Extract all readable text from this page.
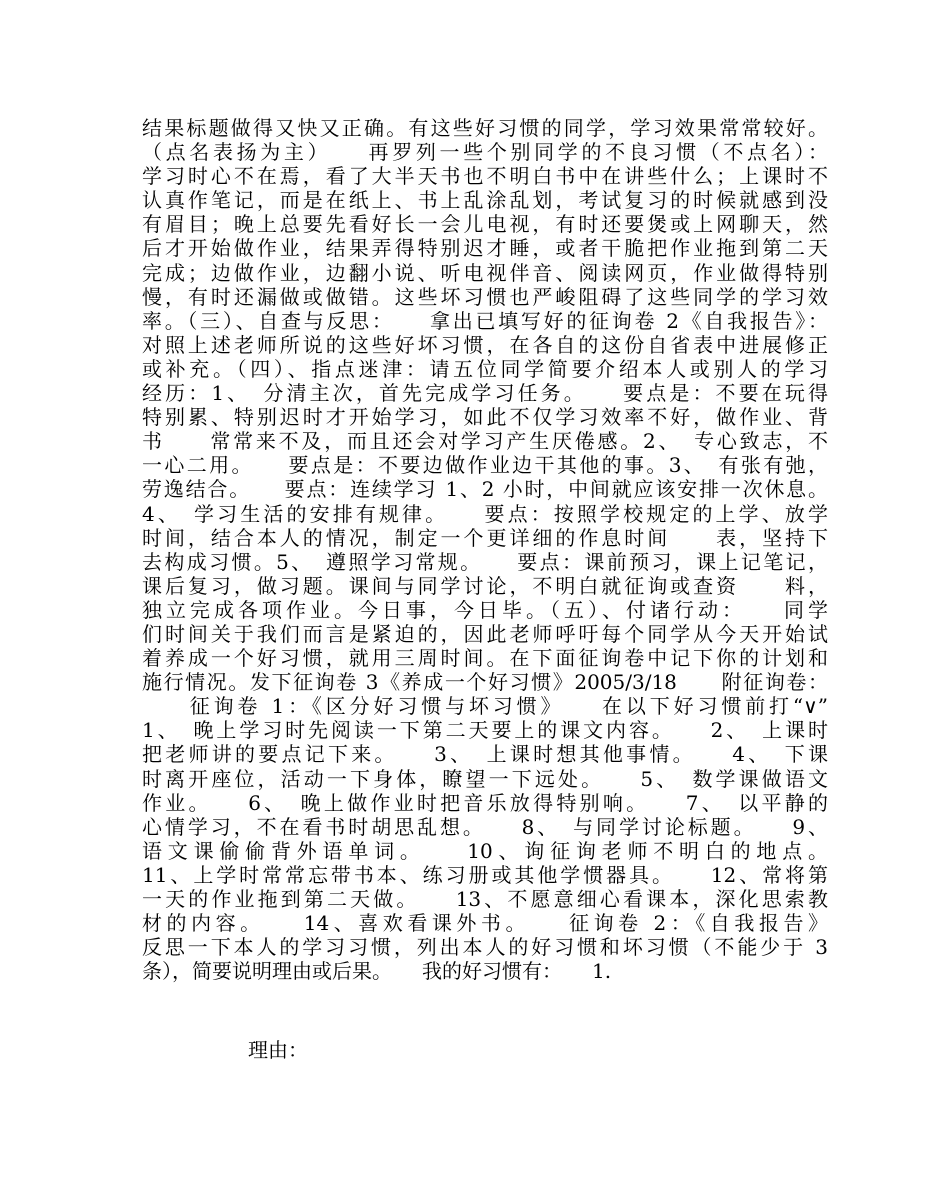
结果标题做得又快又正确。有这些好习惯的同学，学习效果常常较好。
（点名表扬为主）　　再罗列一些个别同学的不良习惯（不点名）：
学习时心不在焉，看了大半天书也不明白书中在讲些什么；上课时不
认真作笔记，而是在纸上、书上乱涂乱划，考试复习的时候就感到没
有眉目；晚上总要先看好长一会儿电视，有时还要煲或上网聊天，然
后才开始做作业，结果弄得特别迟才睡，或者干脆把作业拖到第二天
完成；边做作业，边翻小说、听电视伴音、阅读网页，作业做得特别
慢，有时还漏做或做错。这些坏习惯也严峻阻碍了这些同学的学习效
率。（三）、自查与反思：　　拿出已填写好的征询卷 2《自我报告》：
对照上述老师所说的这些好坏习惯，在各自的这份自省表中进展修正
或补充。（四）、指点迷津：请五位同学简要介绍本人或别人的学习
经历：1、　分清主次，首先完成学习任务。　　要点是：不要在玩得
特别累、特别迟时才开始学习，如此不仅学习效率不好，做作业、背
书　　常常来不及，而且还会对学习产生厌倦感。2、　专心致志，不
一心二用。　　要点是：不要边做作业边干其他的事。3、　有张有弛，
劳逸结合。　　要点：连续学习 1、2 小时，中间就应该安排一次休息。
4、　学习生活的安排有规律。　　要点：按照学校规定的上学、放学
时间，结合本人的情况，制定一个更详细的作息时间　　表，坚持下
去构成习惯。5、　遵照学习常规。　　要点：课前预习，课上记笔记，
课后复习，做习题。课间与同学讨论，不明白就征询或查资　　料，
独立完成各项作业。今日事，今日毕。（五）、付诸行动：　　同学
们时间关于我们而言是紧迫的，因此老师呼吁每个同学从今天开始试
着养成一个好习惯，就用三周时间。在下面征询卷中记下你的计划和
施行情况。发下征询卷 3《养成一个好习惯》2005/3/18　　附征询卷：
　　征询卷 1：《区分好习惯与坏习惯》　　在以下好习惯前打“∨”
1、　晚上学习时先阅读一下第二天要上的课文内容。　　2、　上课时
把老师讲的要点记下来。　　3、　上课时想其他事情。　　4、　下课
时离开座位，活动一下身体，瞭望一下远处。　　5、　数学课做语文
作业。　　6、　晚上做作业时把音乐放得特别响。　　7、　以平静的
心情学习，不在看书时胡思乱想。　　8、　与同学讨论标题。　　9、
语文课偷偷背外语单词。　　10、询征询老师不明白的地点。
11、上学时常常忘带书本、练习册或其他学惯器具。　　12、常将第
一天的作业拖到第二天做。　　13、不愿意细心看课本，深化思索教
材的内容。　　14、喜欢看课外书。　　征询卷 2：《自我报告》
反思一下本人的学习习惯，列出本人的好习惯和坏习惯（不能少于 3
条），简要说明理由或后果。　　我的好习惯有：　　1.
理由：
